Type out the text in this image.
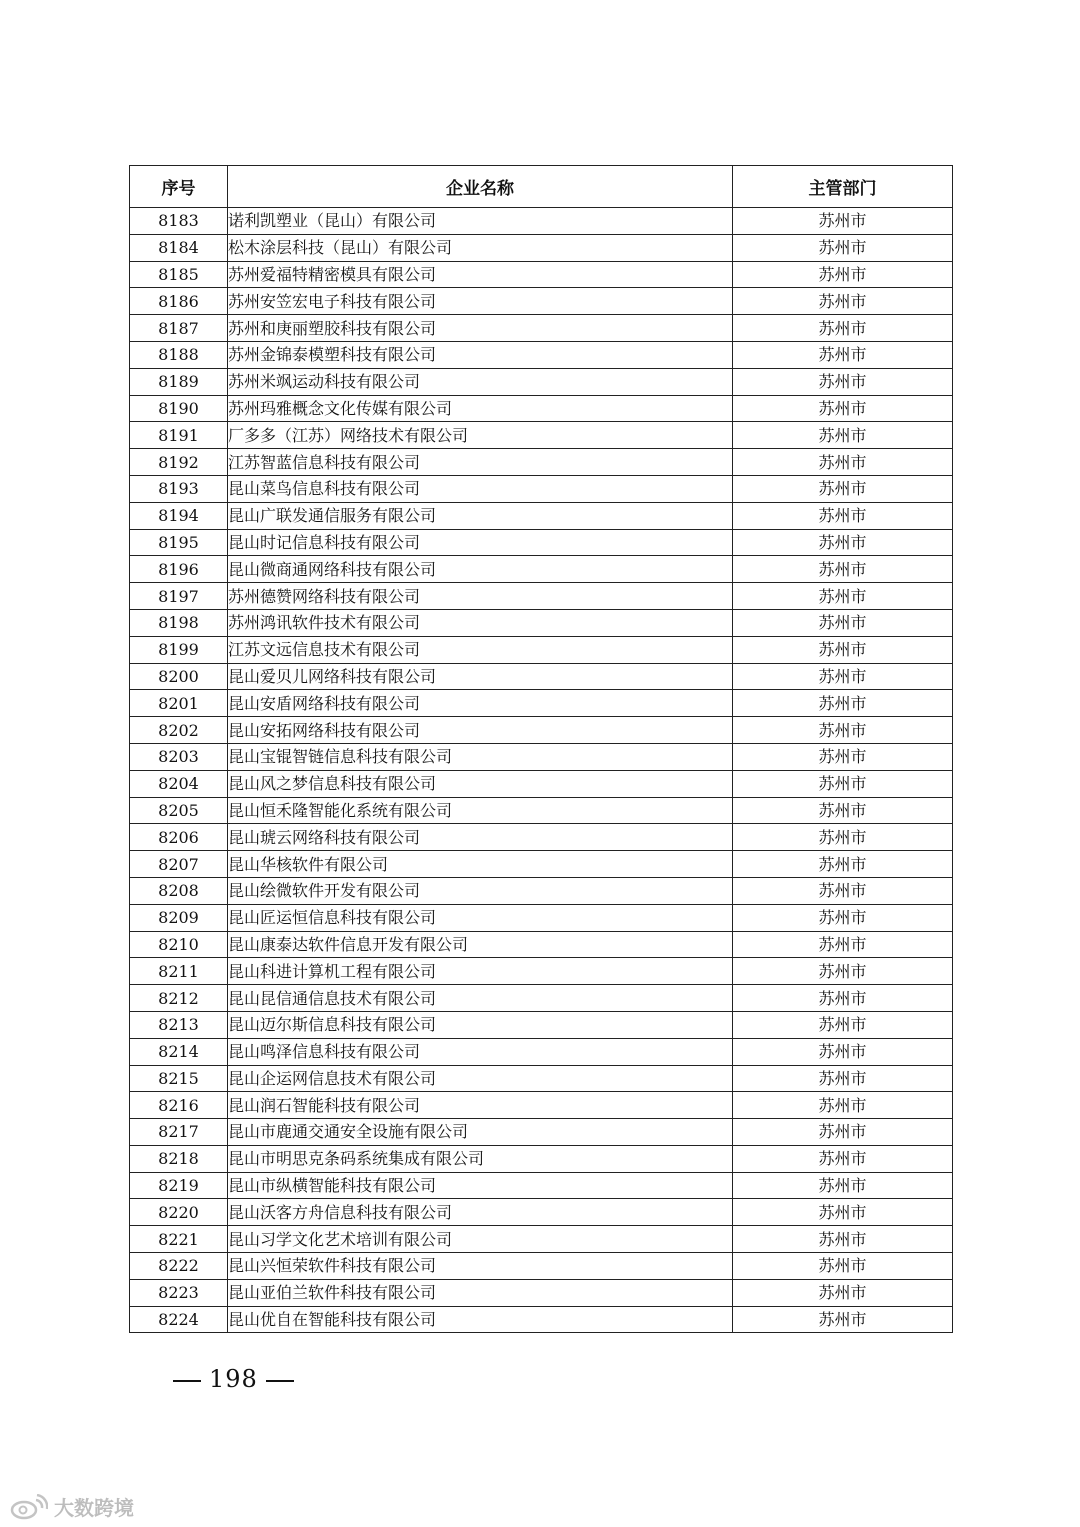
序号	企业名称	主管部门
8183	诺利凯塑业（昆山）有限公司	苏州市
8184	松木涂层科技（昆山）有限公司	苏州市
8185	苏州爱福特精密模具有限公司	苏州市
8186	苏州安笠宏电子科技有限公司	苏州市
8187	苏州和庚丽塑胶科技有限公司	苏州市
8188	苏州金锦泰模塑科技有限公司	苏州市
8189	苏州米飒运动科技有限公司	苏州市
8190	苏州玛雅概念文化传媒有限公司	苏州市
8191	厂多多（江苏）网络技术有限公司	苏州市
8192	江苏智蓝信息科技有限公司	苏州市
8193	昆山菜鸟信息科技有限公司	苏州市
8194	昆山广联发通信服务有限公司	苏州市
8195	昆山时记信息科技有限公司	苏州市
8196	昆山微商通网络科技有限公司	苏州市
8197	苏州德赞网络科技有限公司	苏州市
8198	苏州鸿讯软件技术有限公司	苏州市
8199	江苏文远信息技术有限公司	苏州市
8200	昆山爱贝儿网络科技有限公司	苏州市
8201	昆山安盾网络科技有限公司	苏州市
8202	昆山安拓网络科技有限公司	苏州市
8203	昆山宝锟智链信息科技有限公司	苏州市
8204	昆山风之梦信息科技有限公司	苏州市
8205	昆山恒禾隆智能化系统有限公司	苏州市
8206	昆山琥云网络科技有限公司	苏州市
8207	昆山华核软件有限公司	苏州市
8208	昆山绘微软件开发有限公司	苏州市
8209	昆山匠运恒信息科技有限公司	苏州市
8210	昆山康泰达软件信息开发有限公司	苏州市
8211	昆山科进计算机工程有限公司	苏州市
8212	昆山昆信通信息技术有限公司	苏州市
8213	昆山迈尔斯信息科技有限公司	苏州市
8214	昆山鸣泽信息科技有限公司	苏州市
8215	昆山企运网信息技术有限公司	苏州市
8216	昆山润石智能科技有限公司	苏州市
8217	昆山市鹿通交通安全设施有限公司	苏州市
8218	昆山市明思克条码系统集成有限公司	苏州市
8219	昆山市纵横智能科技有限公司	苏州市
8220	昆山沃客方舟信息科技有限公司	苏州市
8221	昆山习学文化艺术培训有限公司	苏州市
8222	昆山兴恒荣软件科技有限公司	苏州市
8223	昆山亚伯兰软件科技有限公司	苏州市
8224	昆山优自在智能科技有限公司	苏州市
198
大数跨境
